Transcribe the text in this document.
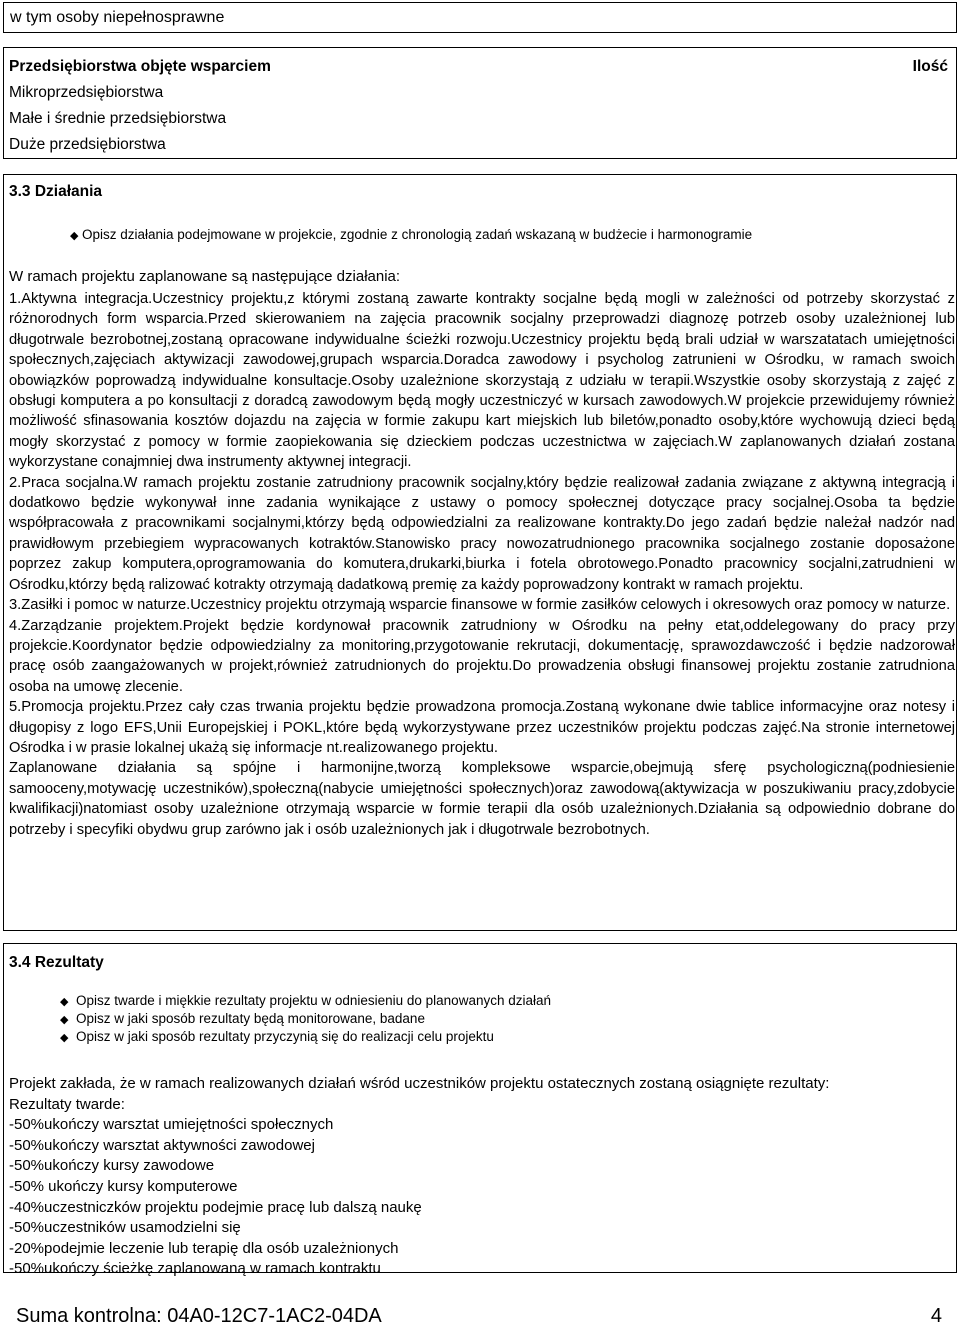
w tym osoby niepełnosprawne
Przedsiębiorstwa objęte wsparciem	Ilość
Mikroprzedsiębiorstwa
Małe i średnie przedsiębiorstwa
Duże przedsiębiorstwa
3.3 Działania
◆ Opisz działania podejmowane w projekcie, zgodnie z chronologią zadań wskazaną w budżecie i harmonogramie
W ramach projektu zaplanowane są następujące działania:

1.Aktywna integracja.Uczestnicy projektu,z którymi zostaną zawarte kontrakty socjalne będą mogli w zależności od potrzeby skorzystać z różnorodnych form wsparcia.Przed skierowaniem na zajęcia pracownik socjalny przeprowadzi diagnozę potrzeb osoby uzależnionej lub długotrwale bezrobotnej,zostaną opracowane indywidualne ścieżki rozwoju.Uczestnicy projektu będą brali udział w warszatatach umiejętności społecznych,zajęciach aktywizacji zawodowej,grupach wsparcia.Doradca zawodowy i psycholog zatrunieni w Ośrodku, w ramach swoich obowiązków poprowadzą indywidualne konsultacje.Osoby uzależnione skorzystają z udziału w terapii.Wszystkie osoby skorzystają z zajęć z obsługi komputera a po konsultacji z doradcą zawodowym będą mogły uczestniczyć w kursach zawodowych.W projekcie przewidujemy również możliwość sfinasowania kosztów dojazdu na zajęcia w formie zakupu kart miejskich lub biletów,ponadto osoby,które wychowują dzieci będą mogły skorzystać z pomocy w formie zaopiekowania się dzieckiem podczas uczestnictwa w zajęciach.W zaplanowanych działań zostana wykorzystane conajmniej dwa instrumenty aktywnej integracji.

2.Praca socjalna.W ramach projektu zostanie zatrudniony pracownik socjalny,który będzie realizował zadania związane z aktywną integracją i dodatkowo będzie wykonywał inne zadania wynikające z ustawy o pomocy społecznej dotyczące pracy socjalnej.Osoba ta będzie współpracowała z pracownikami socjalnymi,którzy będą odpowiedzialni za realizowane kontrakty.Do jego zadań będzie należał nadzór nad prawidłowym przebiegiem wypracowanych kotraktów.Stanowisko pracy nowozatrudnionego pracownika socjalnego zostanie doposażone poprzez zakup komputera,oprogramowania do komutera,drukarki,biurka i fotela obrotowego.Ponadto pracownicy socjalni,zatrudnieni w Ośrodku,którzy będą ralizować kotrakty otrzymają dadatkową premię za każdy poprowadzony kontrakt w ramach projektu.

3.Zasiłki i pomoc w naturze.Uczestnicy projektu otrzymają wsparcie finansowe w formie zasiłków celowych i okresowych oraz pomocy w naturze.

4.Zarządzanie projektem.Projekt będzie kordynował pracownik zatrudniony w Ośrodku na pełny etat,oddelegowany do pracy przy projekcie.Koordynator będzie odpowiedzialny za monitoring,przygotowanie rekrutacji, dokumentację, sprawozdawczość i będzie nadzorował pracę osób zaangażowanych w projekt,również zatrudnionych do projektu.Do prowadzenia obsługi finansowej projektu zostanie zatrudniona osoba na umowę zlecenie.

5.Promocja projektu.Przez cały czas trwania projektu będzie prowadzona promocja.Zostaną wykonane dwie tablice informacyjne oraz notesy i długopisy z logo EFS,Unii Europejskiej i POKL,które będą wykorzystywane przez uczestników projektu podczas zajęć.Na stronie internetowej Ośrodka i w prasie lokalnej ukażą się informacje nt.realizowanego projektu.

Zaplanowane działania są spójne i harmonijne,tworzą kompleksowe wsparcie,obejmują sferę psychologiczną(podniesienie samooceny,motywację uczestników),społeczną(nabycie umiejętności społecznych)oraz zawodową(aktywizacja w poszukiwaniu pracy,zdobycie kwalifikacji)natomiast osoby uzależnione otrzymają wsparcie w formie terapii dla osób uzależnionych.Działania są odpowiednio dobrane do potrzeby i specyfiki obydwu grup zarówno jak i osób uzależnionych jak i długotrwale bezrobotnych.

3.4 Rezultaty
◆ Opisz twarde i miękkie rezultaty projektu w odniesieniu do planowanych działań
◆ Opisz w jaki sposób rezultaty będą monitorowane, badane
◆ Opisz w jaki sposób rezultaty przyczynią się do realizacji celu projektu

Projekt zakłada, że w ramach realizowanych działań wśród uczestników projektu ostatecznych zostaną osiągnięte rezultaty:

Rezultaty twarde:

-50%ukończy warsztat umiejętności społecznych

-50%ukończy warsztat aktywności zawodowej

-50%ukończy kursy zawodowe

-50% ukończy kursy komputerowe

-40%uczestniczków projektu podejmie pracę lub dalszą naukę

-50%uczestników usamodzielni się

-20%podejmie leczenie lub terapię dla osób uzależnionych

-50%ukończy ścieżkę zaplanowaną w ramach kontraktu

Suma kontrolna: 04A0-12C7-1AC2-04DA	4
